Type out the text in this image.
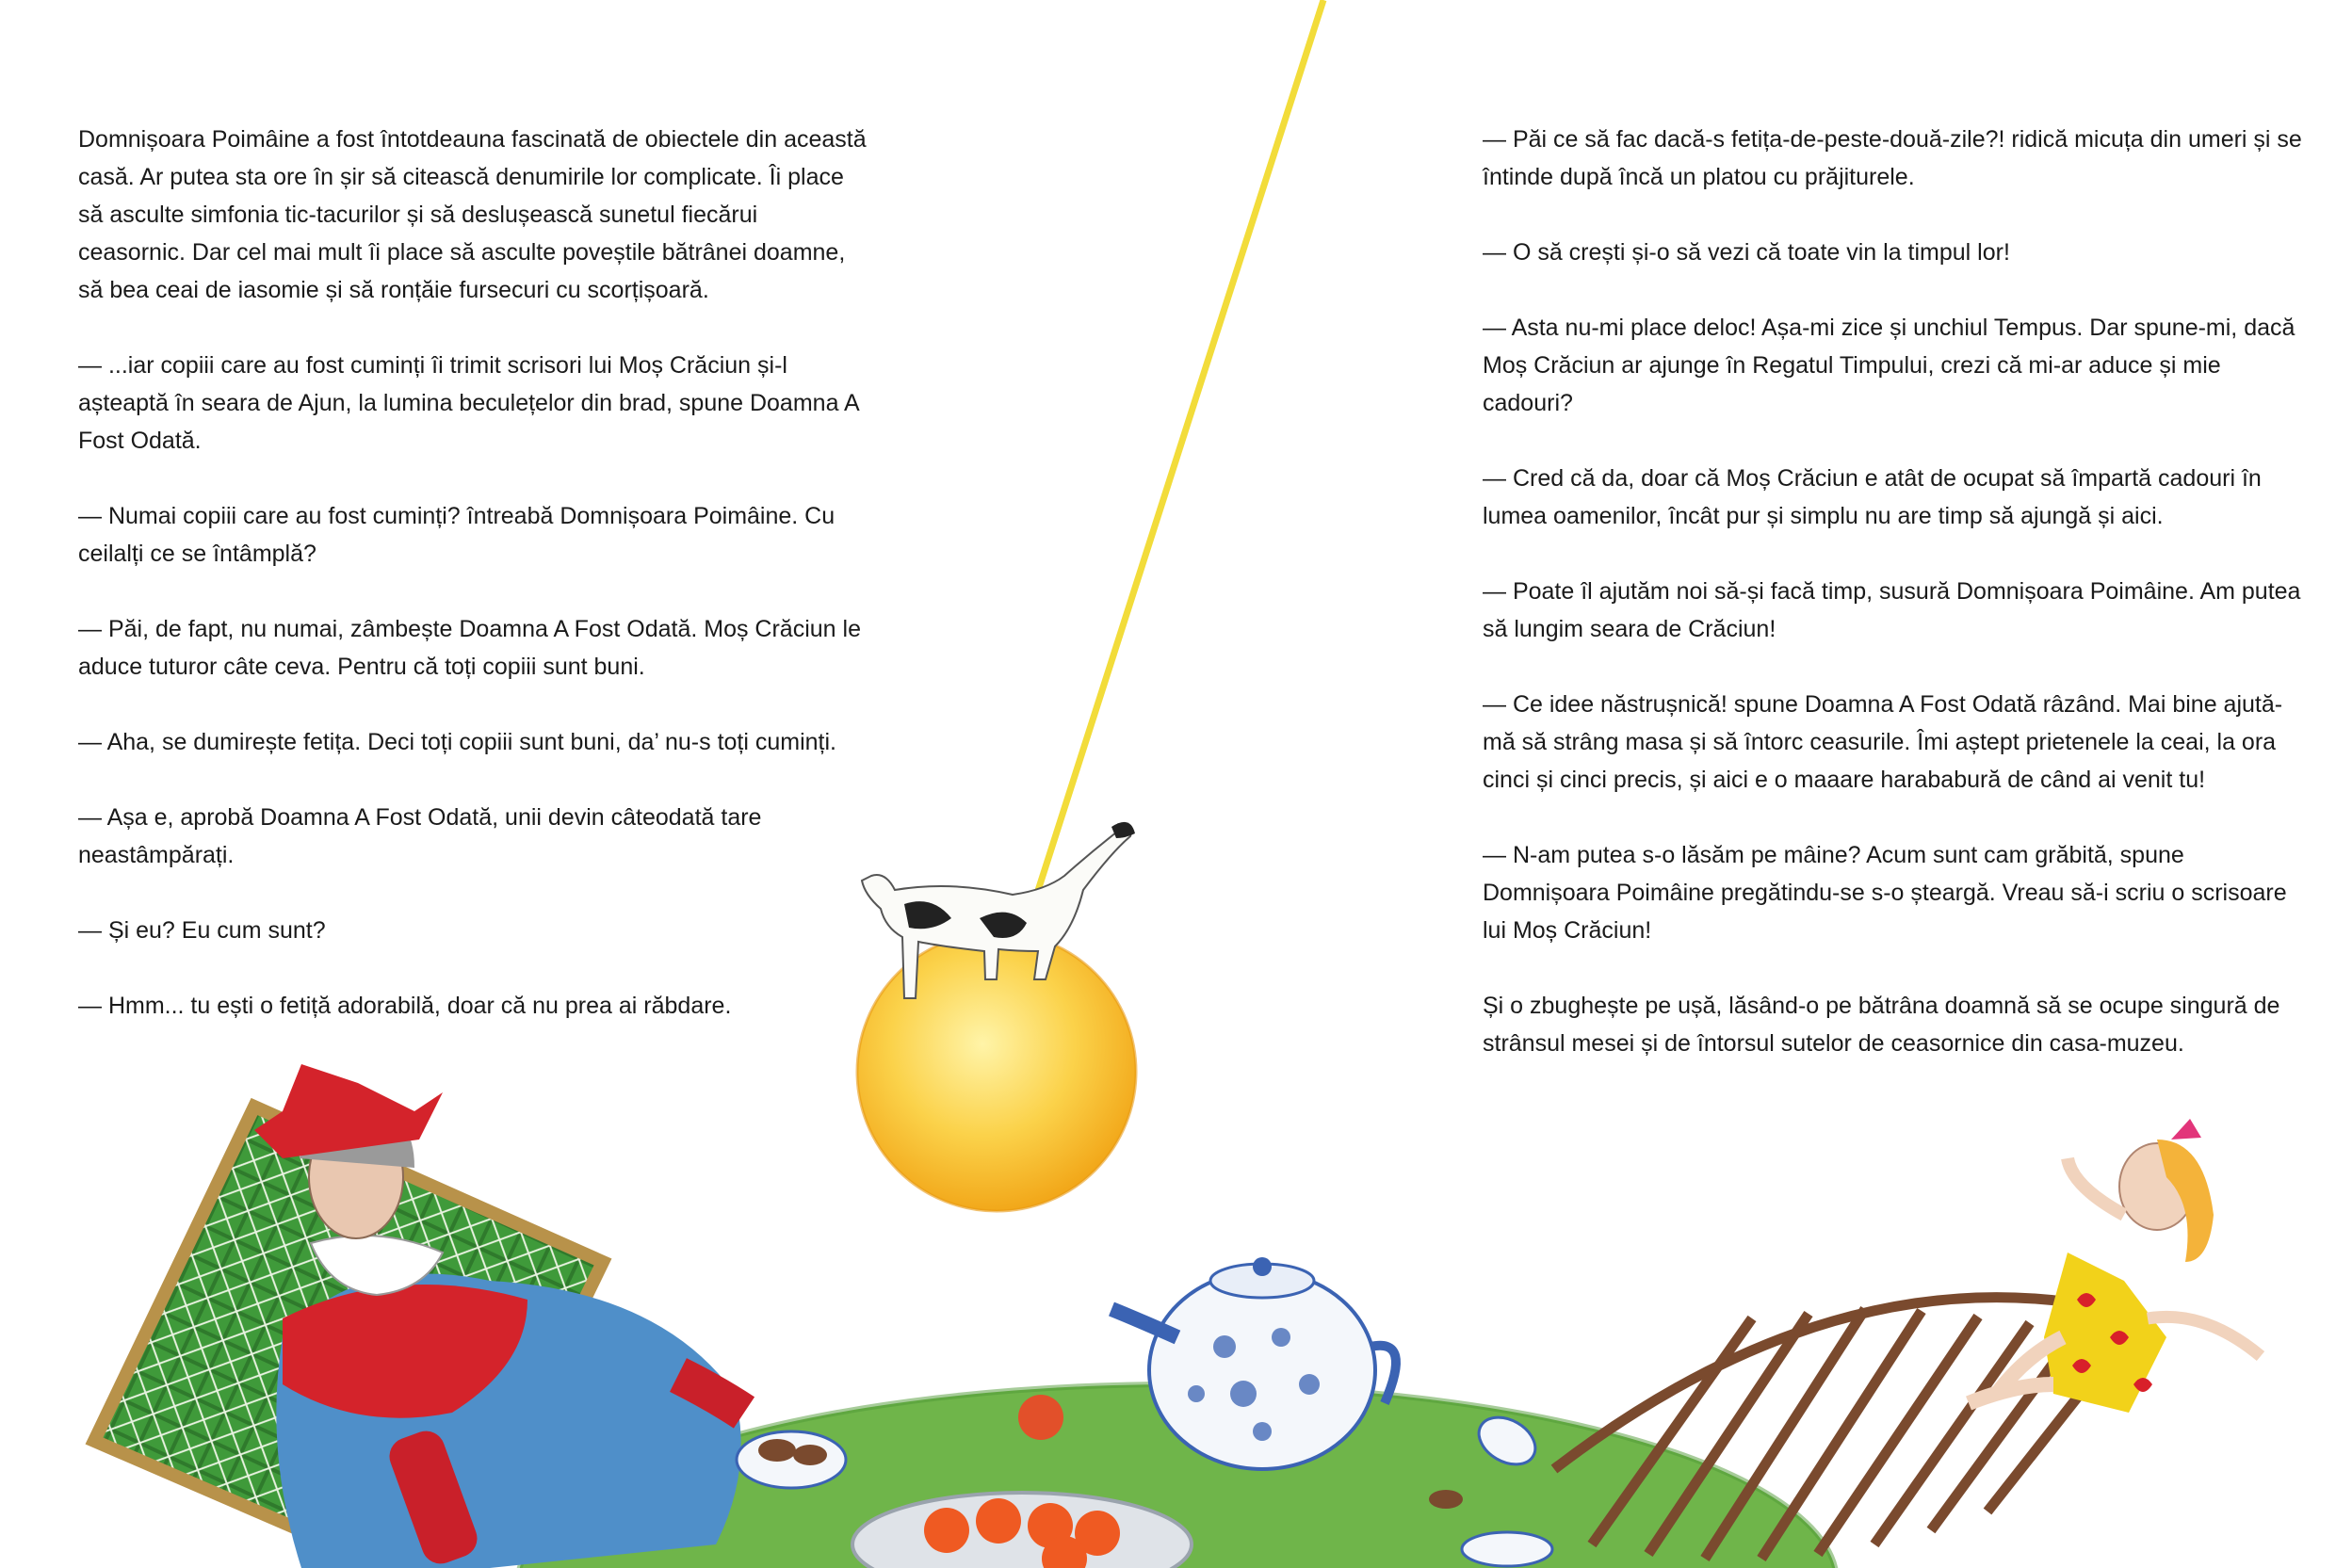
Domnișoara Poimâine a fost întotdeauna fascinată de obiectele din această casă. Ar putea sta ore în șir să citească denumirile lor complicate. Îi place să asculte simfonia tic-tacurilor și să deslușească sunetul fiecărui ceasornic. Dar cel mai mult îi place să asculte poveștile bătrânei doamne, să bea ceai de iasomie și să ronțăie fursecuri cu scorțișoară.

— ...iar copiii care au fost cuminți îi trimit scrisori lui Moș Crăciun și-l așteaptă în seara de Ajun, la lumina beculețelor din brad, spune Doamna A Fost Odată.

— Numai copiii care au fost cuminți? întreabă Domnișoara Poimâine. Cu ceilalți ce se întâmplă?

— Păi, de fapt, nu numai, zâmbește Doamna A Fost Odată. Moș Crăciun le aduce tuturor câte ceva. Pentru că toți copiii sunt buni.

— Aha, se dumirește fetița. Deci toți copiii sunt buni, da’ nu-s toți cuminți.

— Așa e, aprobă Doamna A Fost Odată, unii devin câteodată tare neastâmpărați.

— Și eu? Eu cum sunt?

— Hmm... tu ești o fetiță adorabilă, doar că nu prea ai răbdare.

— Păi ce să fac dacă-s fetița-de-peste-două-zile?! ridică micuța din umeri și se întinde după încă un platou cu prăjiturele.

— O să crești și-o să vezi că toate vin la timpul lor!

— Asta nu-mi place deloc! Așa-mi zice și unchiul Tempus. Dar spune-mi, dacă Moș Crăciun ar ajunge în Regatul Timpului, crezi că mi-ar aduce și mie cadouri?

— Cred că da, doar că Moș Crăciun e atât de ocupat să împartă cadouri în lumea oamenilor, încât pur și simplu nu are timp să ajungă și aici.

— Poate îl ajutăm noi să-și facă timp, susură Domnișoara Poimâine. Am putea să lungim seara de Crăciun!

— Ce idee năstrușnică! spune Doamna A Fost Odată râzând. Mai bine ajută-mă să strâng masa și să întorc ceasurile. Îmi aștept prietenele la ceai, la ora cinci și cinci precis, și aici e o maaare harababură de când ai venit tu!

— N-am putea s-o lăsăm pe mâine? Acum sunt cam grăbită, spune Domnișoara Poimâine pregătindu-se s-o șteargă. Vreau să-i scriu o scrisoare lui Moș Crăciun!

Și o zbughește pe ușă, lăsând-o pe bătrâna doamnă să se ocupe singură de strânsul mesei și de întorsul sutelor de ceasornice din casa-muzeu.
